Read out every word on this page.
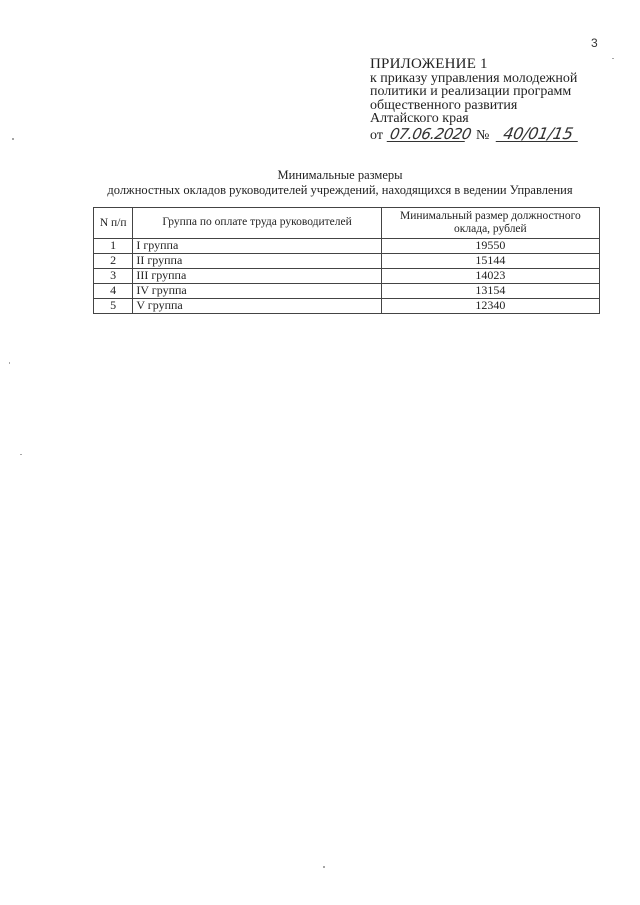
3
ПРИЛОЖЕНИЕ 1
к приказу управления молодежной
политики и реализации программ
общественного развития
Алтайского края
от 07.06.2020 № 40/01/15
Минимальные размеры
должностных окладов руководителей учреждений, находящихся в ведении Управления
N п/п	Группа по оплате труда руководителей	Минимальный размер должностного оклада, рублей
1	I группа	19550
2	II группа	15144
3	III группа	14023
4	IV группа	13154
5	V группа	12340
